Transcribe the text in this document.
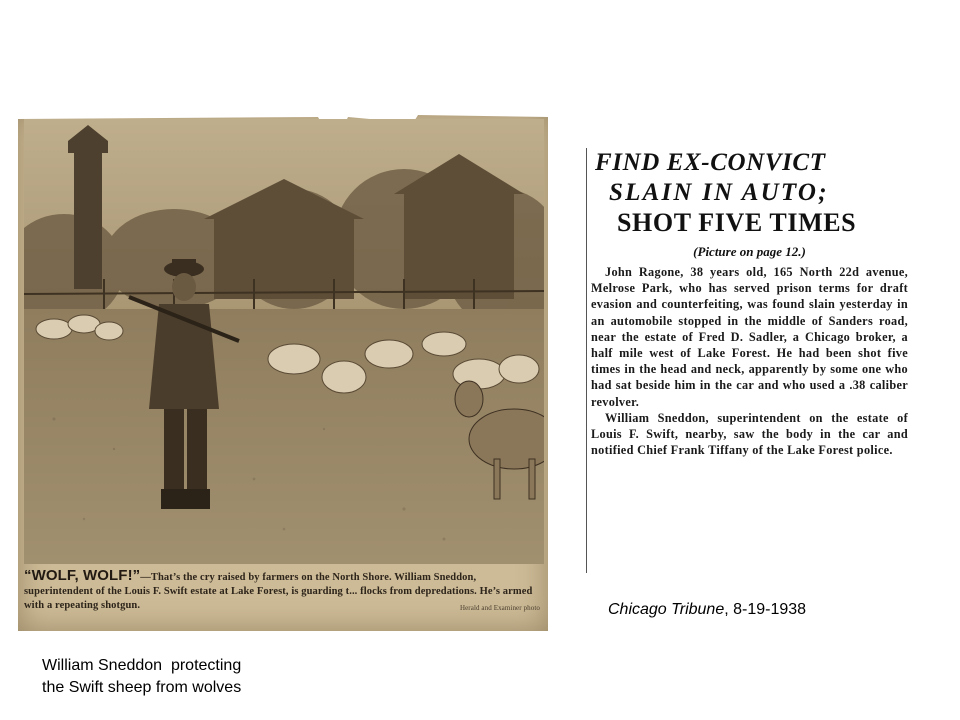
“WOLF, WOLF!”—That’s the cry raised by farmers on the North Shore. William Sneddon, superintendent of the Louis F. Swift estate at Lake Forest, is guarding t... flocks from depredations. He’s armed with a repeating shotgun.	Herald and Examiner photo
FIND EX-CONVICT
SLAIN IN AUTO;
SHOT FIVE TIMES
(Picture on page 12.)

John Ragone, 38 years old, 165 North 22d avenue, Melrose Park, who has served prison terms for draft evasion and counterfeiting, was found slain yesterday in an automobile stopped in the middle of Sanders road, near the estate of Fred D. Sadler, a Chicago broker, a half mile west of Lake Forest. He had been shot five times in the head and neck, apparently by some one who had sat beside him in the car and who used a .38 caliber revolver.

William Sneddon, superintendent on the estate of Louis F. Swift, nearby, saw the body in the car and notified Chief Frank Tiffany of the Lake Forest police.

Chicago Tribune, 8-19-1938
William Sneddon  protecting
the Swift sheep from wolves
